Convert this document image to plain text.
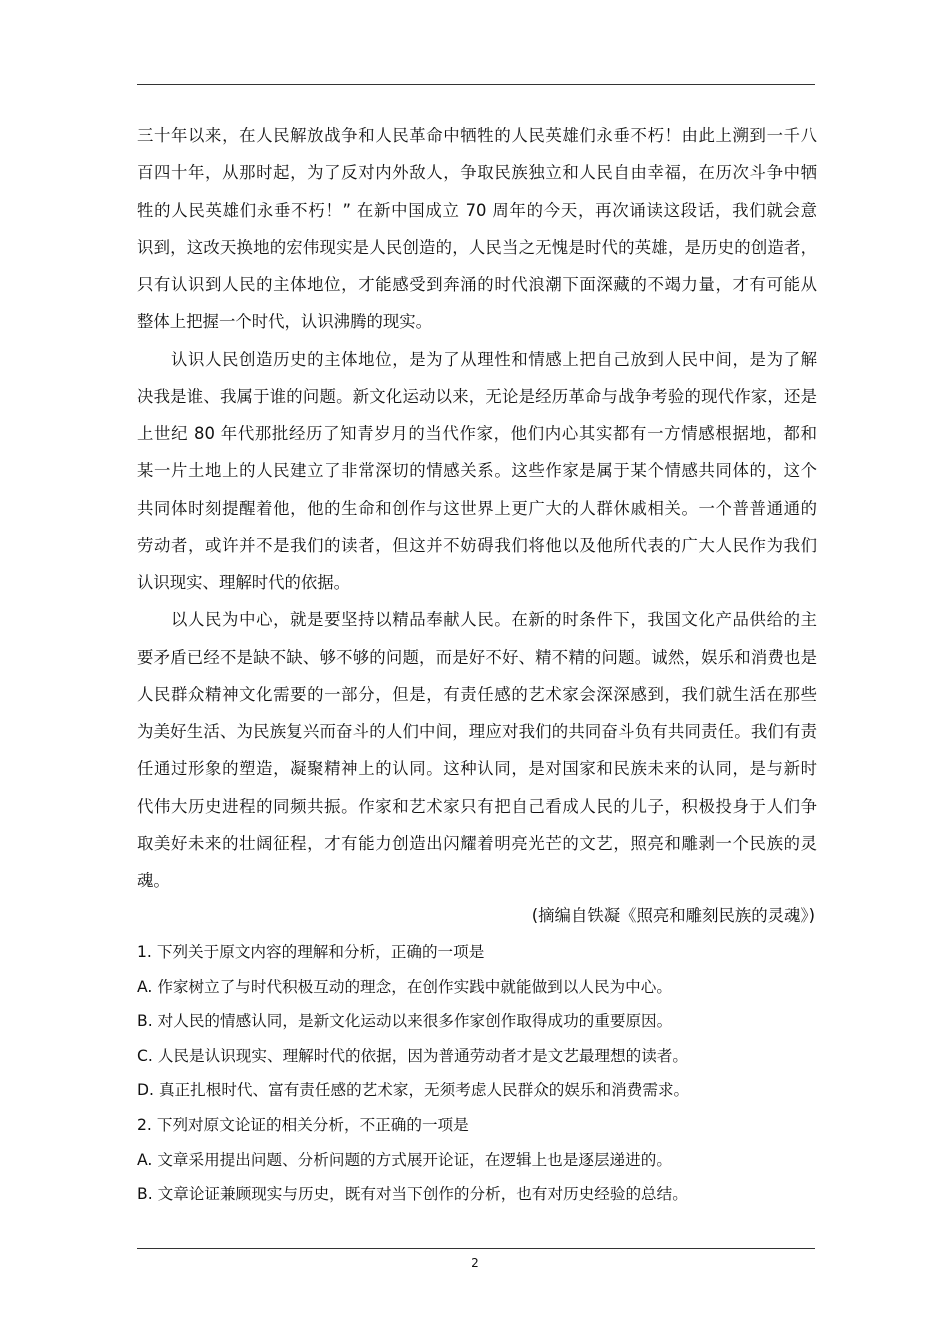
三十年以来，在人民解放战争和人民革命中牺牲的人民英雄们永垂不朽！由此上溯到一千八
百四十年，从那时起，为了反对内外敌人，争取民族独立和人民自由幸福，在历次斗争中牺
牲的人民英雄们永垂不朽！” 在新中国成立 70 周年的今天，再次诵读这段话，我们就会意
识到，这改天换地的宏伟现实是人民创造的，人民当之无愧是时代的英雄，是历史的创造者，
只有认识到人民的主体地位，才能感受到奔涌的时代浪潮下面深藏的不竭力量，才有可能从
整体上把握一个时代，认识沸腾的现实。
认识人民创造历史的主体地位，是为了从理性和情感上把自己放到人民中间，是为了解
决我是谁、我属于谁的问题。新文化运动以来，无论是经历革命与战争考验的现代作家，还是
上世纪 80 年代那批经历了知青岁月的当代作家，他们内心其实都有一方情感根据地，都和
某一片土地上的人民建立了非常深切的情感关系。这些作家是属于某个情感共同体的，这个
共同体时刻提醒着他，他的生命和创作与这世界上更广大的人群休戚相关。一个普普通通的
劳动者，或许并不是我们的读者，但这并不妨碍我们将他以及他所代表的广大人民作为我们
认识现实、理解时代的依据。
以人民为中心，就是要坚持以精品奉献人民。在新的时条件下，我国文化产品供给的主
要矛盾已经不是缺不缺、够不够的问题，而是好不好、精不精的问题。诚然，娱乐和消费也是
人民群众精神文化需要的一部分，但是，有责任感的艺术家会深深感到，我们就生活在那些
为美好生活、为民族复兴而奋斗的人们中间，理应对我们的共同奋斗负有共同责任。我们有责
任通过形象的塑造，凝聚精神上的认同。这种认同，是对国家和民族未来的认同，是与新时
代伟大历史进程的同频共振。作家和艺术家只有把自己看成人民的儿子，积极投身于人们争
取美好未来的壮阔征程，才有能力创造出闪耀着明亮光芒的文艺，照亮和雕剥一个民族的灵
魂。
(摘编自铁凝《照亮和雕刻民族的灵魂》)
1. 下列关于原文内容的理解和分析，正确的一项是
A. 作家树立了与时代积极互动的理念，在创作实践中就能做到以人民为中心。
B. 对人民的情感认同，是新文化运动以来很多作家创作取得成功的重要原因。
C. 人民是认识现实、理解时代的依据，因为普通劳动者才是文艺最理想的读者。
D. 真正扎根时代、富有责任感的艺术家，无须考虑人民群众的娱乐和消费需求。
2. 下列对原文论证的相关分析，不正确的一项是
A. 文章采用提出问题、分析问题的方式展开论证，在逻辑上也是逐层递进的。
B. 文章论证兼顾现实与历史，既有对当下创作的分析，也有对历史经验的总结。
2
